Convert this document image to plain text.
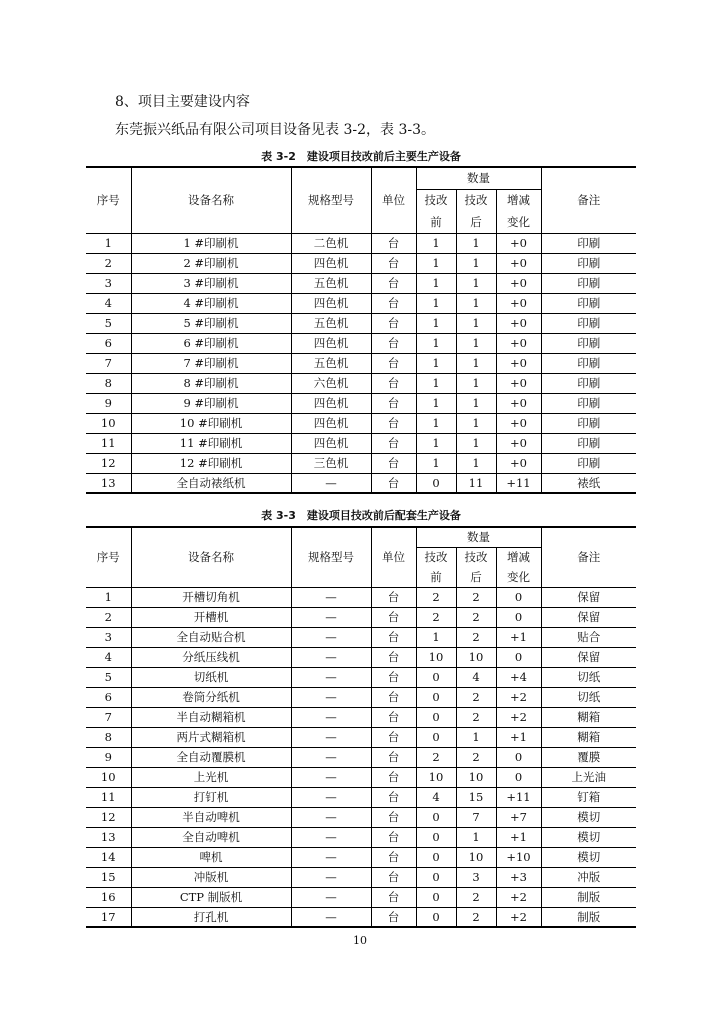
8、项目主要建设内容
东莞振兴纸品有限公司项目设备见表 3-2，表 3-3。
表 3-2　建设项目技改前后主要生产设备
序号	设备名称	规格型号	单位	数量			备注
				技改	技改	增减	
				前	后	变化	
1	1 #印刷机	二色机	台	1	1	+0	印刷
2	2 #印刷机	四色机	台	1	1	+0	印刷
3	3 #印刷机	五色机	台	1	1	+0	印刷
4	4 #印刷机	四色机	台	1	1	+0	印刷
5	5 #印刷机	五色机	台	1	1	+0	印刷
6	6 #印刷机	四色机	台	1	1	+0	印刷
7	7 #印刷机	五色机	台	1	1	+0	印刷
8	8 #印刷机	六色机	台	1	1	+0	印刷
9	9 #印刷机	四色机	台	1	1	+0	印刷
10	10 #印刷机	四色机	台	1	1	+0	印刷
11	11 #印刷机	四色机	台	1	1	+0	印刷
12	12 #印刷机	三色机	台	1	1	+0	印刷
13	全自动裱纸机	—	台	0	11	+11	裱纸
表 3-3　建设项目技改前后配套生产设备
序号	设备名称	规格型号	单位	数量			备注
				技改	技改	增减	
				前	后	变化	
1	开槽切角机	—	台	2	2	0	保留
2	开槽机	—	台	2	2	0	保留
3	全自动贴合机	—	台	1	2	+1	贴合
4	分纸压线机	—	台	10	10	0	保留
5	切纸机	—	台	0	4	+4	切纸
6	卷筒分纸机	—	台	0	2	+2	切纸
7	半自动糊箱机	—	台	0	2	+2	糊箱
8	两片式糊箱机	—	台	0	1	+1	糊箱
9	全自动覆膜机	—	台	2	2	0	覆膜
10	上光机	—	台	10	10	0	上光油
11	打钉机	—	台	4	15	+11	钉箱
12	半自动啤机	—	台	0	7	+7	模切
13	全自动啤机	—	台	0	1	+1	模切
14	啤机	—	台	0	10	+10	模切
15	冲版机	—	台	0	3	+3	冲版
16	CTP 制版机	—	台	0	2	+2	制版
17	打孔机	—	台	0	2	+2	制版
10
